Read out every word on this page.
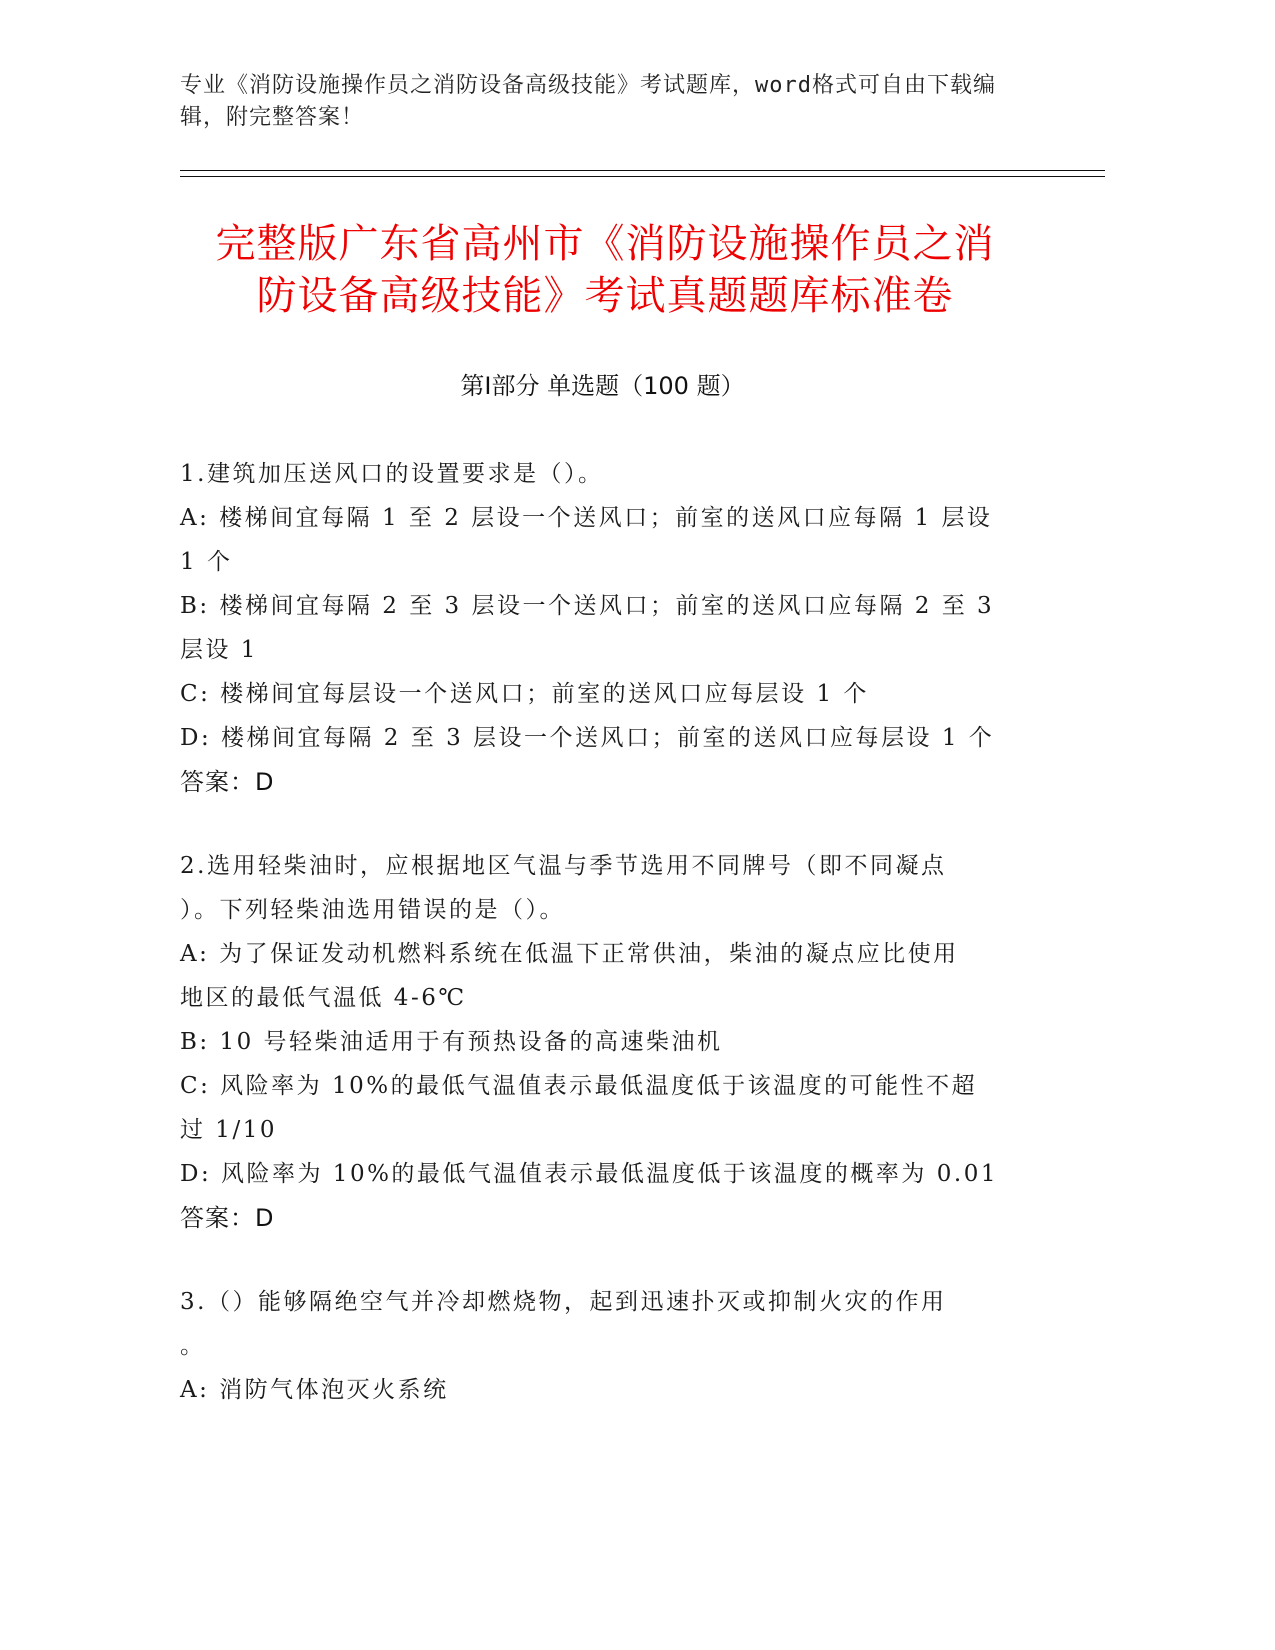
专业《消防设施操作员之消防设备高级技能》考试题库，word格式可自由下载编
辑，附完整答案！
完整版广东省高州市《消防设施操作员之消
防设备高级技能》考试真题题库标准卷
第Ⅰ部分 单选题（100 题）
1.建筑加压送风口的设置要求是（）。
A: 楼梯间宜每隔 1 至 2 层设一个送风口；前室的送风口应每隔 1 层设
1 个
B: 楼梯间宜每隔 2 至 3 层设一个送风口；前室的送风口应每隔 2 至 3
层设 1
C: 楼梯间宜每层设一个送风口；前室的送风口应每层设 1 个
D: 楼梯间宜每隔 2 至 3 层设一个送风口；前室的送风口应每层设 1 个
答案：D
2.选用轻柴油时，应根据地区气温与季节选用不同牌号（即不同凝点
）。下列轻柴油选用错误的是（）。
A: 为了保证发动机燃料系统在低温下正常供油，柴油的凝点应比使用
地区的最低气温低 4-6℃
B: 10 号轻柴油适用于有预热设备的高速柴油机
C: 风险率为 10%的最低气温值表示最低温度低于该温度的可能性不超
过 1/10
D: 风险率为 10%的最低气温值表示最低温度低于该温度的概率为 0.01
答案：D
3.（）能够隔绝空气并冷却燃烧物，起到迅速扑灭或抑制火灾的作用
。
A: 消防气体泡灭火系统
